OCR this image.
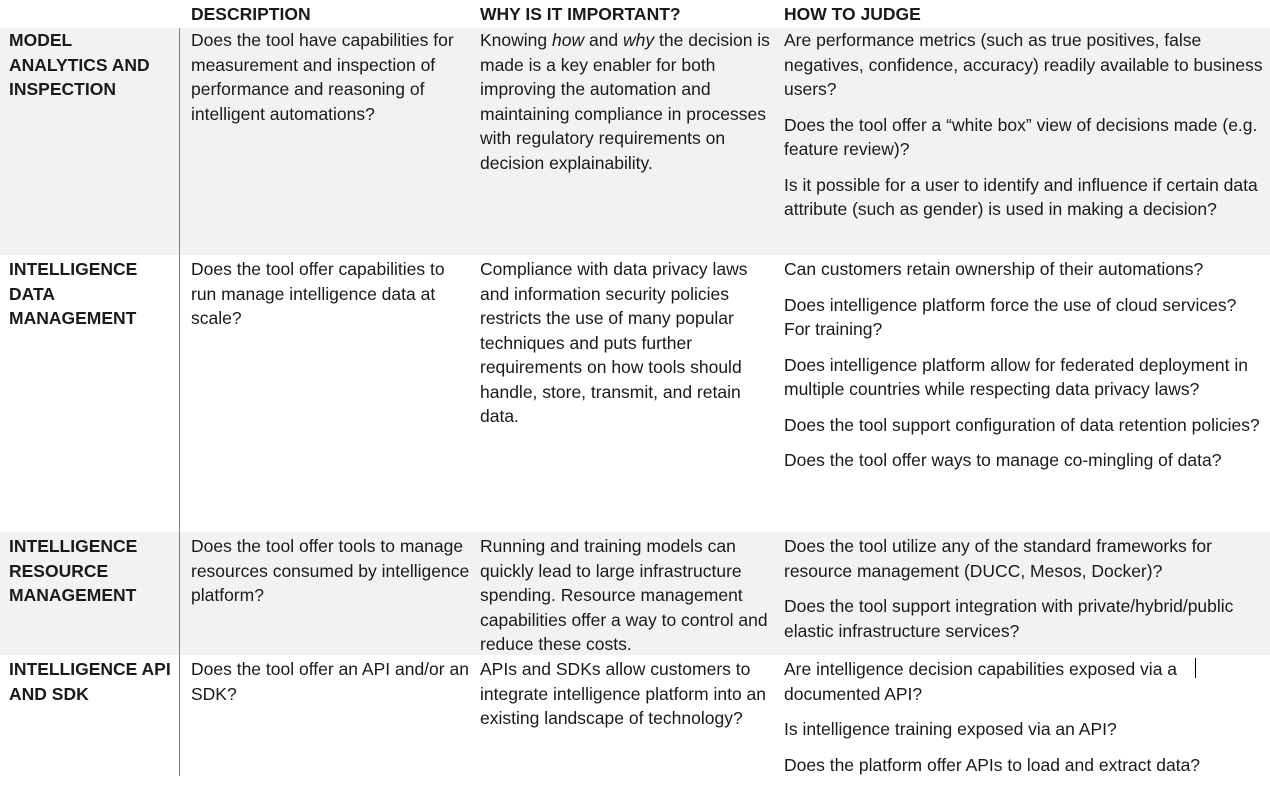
DESCRIPTION	WHY IS IT IMPORTANT?	HOW TO JUDGE
MODEL ANALYTICS AND INSPECTION
Does the tool have capabilities for measurement and inspection of performance and reasoning of intelligent automations?
Knowing how and why the decision is made is a key enabler for both improving the automation and maintaining compliance in processes with regulatory requirements on decision explainability.

Are performance metrics (such as true positives, false negatives, confidence, accuracy) readily available to business users?

Does the tool offer a “white box” view of decisions made (e.g. feature review)?

Is it possible for a user to identify and influence if certain data attribute (such as gender) is used in making a decision?

INTELLIGENCE DATA MANAGEMENT
Does the tool offer capabilities to run manage intelligence data at scale?
Compliance with data privacy laws and information security policies restricts the use of many popular techniques and puts further requirements on how tools should handle, store, transmit, and retain data.

Can customers retain ownership of their automations?

Does intelligence platform force the use of cloud services? For training?

Does intelligence platform allow for federated deployment in multiple countries while respecting data privacy laws?

Does the tool support configuration of data retention policies?

Does the tool offer ways to manage co-mingling of data?

INTELLIGENCE RESOURCE MANAGEMENT
Does the tool offer tools to manage resources consumed by intelligence platform?
Running and training models can quickly lead to large infrastructure spending. Resource management capabilities offer a way to control and reduce these costs.

Does the tool utilize any of the standard frameworks for resource management (DUCC, Mesos, Docker)?

Does the tool support integration with private/hybrid/public elastic infrastructure services?

INTELLIGENCE API AND SDK
Does the tool offer an API and/or an SDK?
APIs and SDKs allow customers to integrate intelligence platform into an existing landscape of technology?

Are intelligence decision capabilities exposed via a documented API?

Is intelligence training exposed via an API?

Does the platform offer APIs to load and extract data?
